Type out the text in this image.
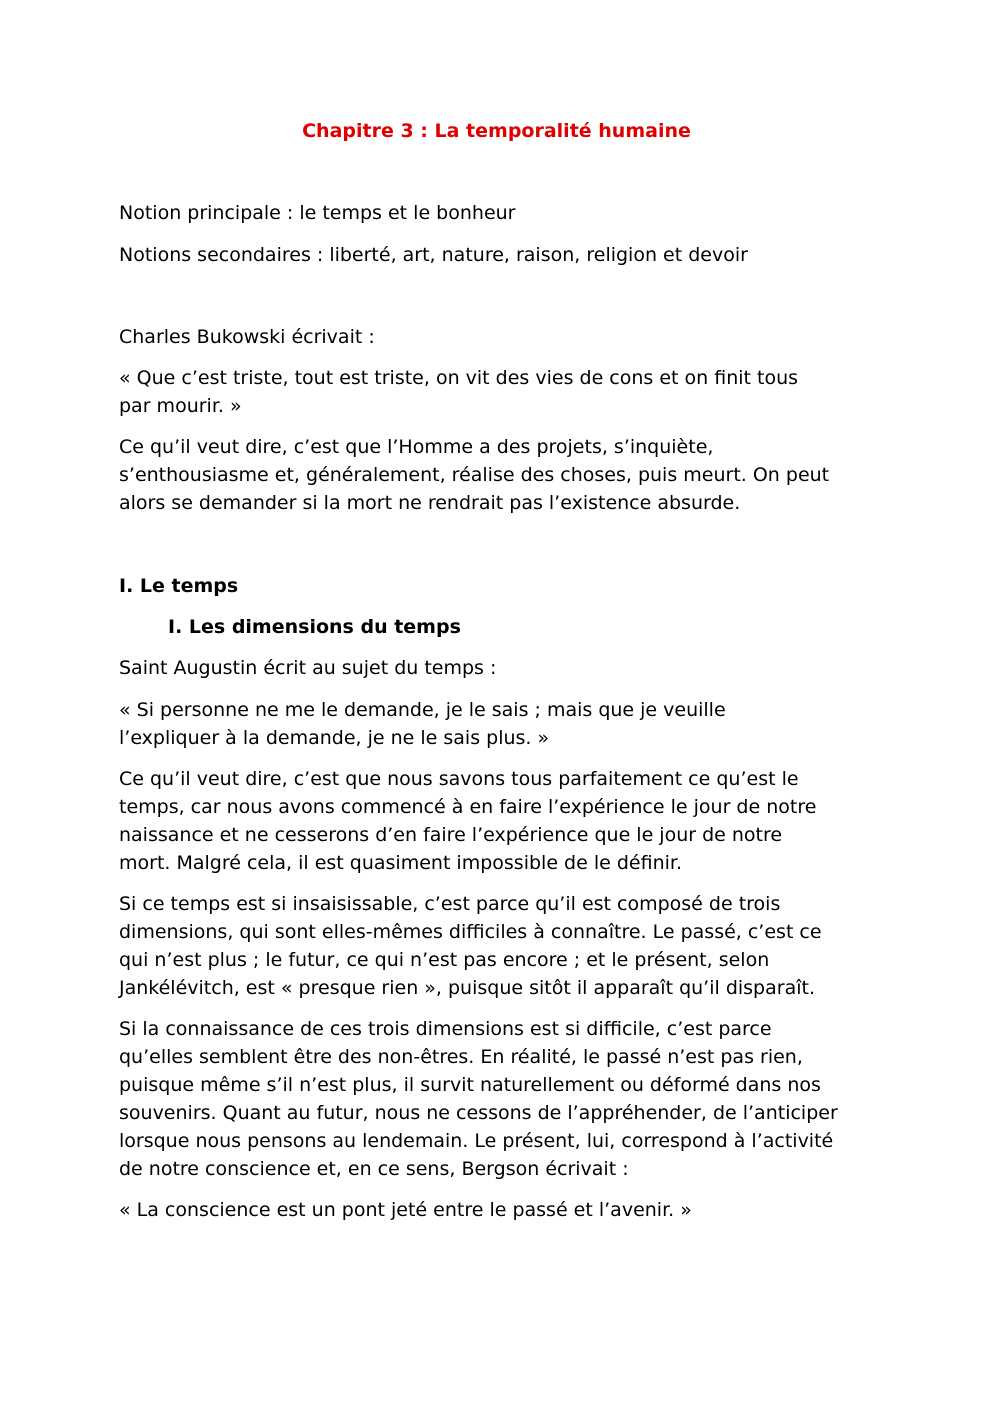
Chapitre 3 : La temporalité humaine

Notion principale : le temps et le bonheur

Notions secondaires : liberté, art, nature, raison, religion et devoir

Charles Bukowski écrivait :

« Que c’est triste, tout est triste, on vit des vies de cons et on finit tous
par mourir. »

Ce qu’il veut dire, c’est que l’Homme a des projets, s’inquiète,
s’enthousiasme et, généralement, réalise des choses, puis meurt. On peut
alors se demander si la mort ne rendrait pas l’existence absurde.

I. Le temps
I. Les dimensions du temps

Saint Augustin écrit au sujet du temps :

« Si personne ne me le demande, je le sais ; mais que je veuille
l’expliquer à la demande, je ne le sais plus. »

Ce qu’il veut dire, c’est que nous savons tous parfaitement ce qu’est le
temps, car nous avons commencé à en faire l’expérience le jour de notre
naissance et ne cesserons d’en faire l’expérience que le jour de notre
mort. Malgré cela, il est quasiment impossible de le définir.

Si ce temps est si insaisissable, c’est parce qu’il est composé de trois
dimensions, qui sont elles-mêmes difficiles à connaître. Le passé, c’est ce
qui n’est plus ; le futur, ce qui n’est pas encore ; et le présent, selon
Jankélévitch, est « presque rien », puisque sitôt il apparaît qu’il disparaît.

Si la connaissance de ces trois dimensions est si difficile, c’est parce
qu’elles semblent être des non-êtres. En réalité, le passé n’est pas rien,
puisque même s’il n’est plus, il survit naturellement ou déformé dans nos
souvenirs. Quant au futur, nous ne cessons de l’appréhender, de l’anticiper
lorsque nous pensons au lendemain. Le présent, lui, correspond à l’activité
de notre conscience et, en ce sens, Bergson écrivait :

« La conscience est un pont jeté entre le passé et l’avenir. »
